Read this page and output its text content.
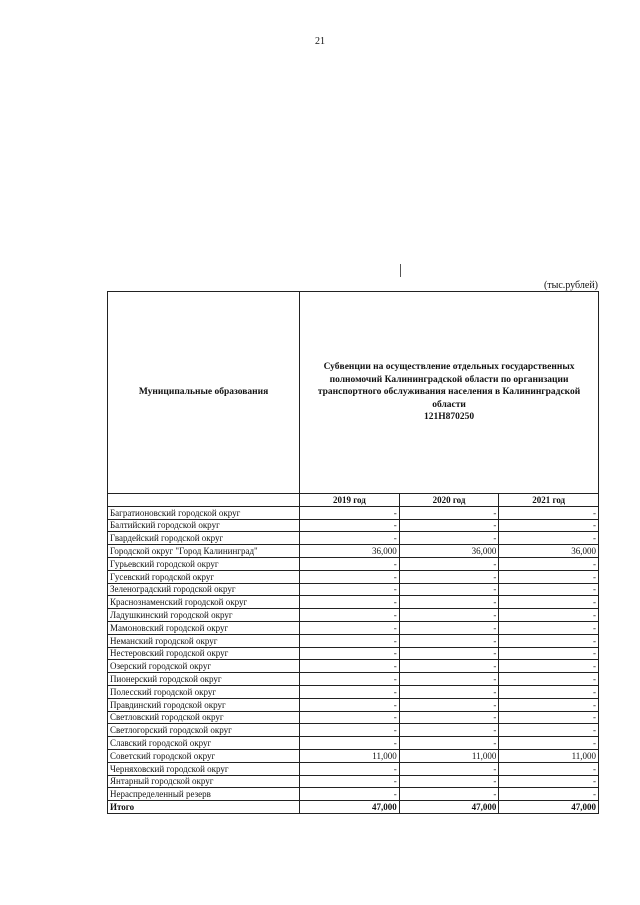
21
(тыс.рублей)
Муниципальные образования	Субвенции на осуществление отдельных государственных полномочий Калининградской области по организации транспортного обслуживания населения в Калининградской области
121Н870250		
	2019 год	2020 год	2021 год
Багратионовский городской округ	-	-	-
Балтийский городской округ	-	-	-
Гвардейский городской округ	-	-	-
Городской округ "Город Калининград"	36,000	36,000	36,000
Гурьевский городской округ	-	-	-
Гусевский городской округ	-	-	-
Зеленоградский городской округ	-	-	-
Краснознаменский городской округ	-	-	-
Ладушкинский городской округ	-	-	-
Мамоновский городской округ	-	-	-
Неманский городской округ	-	-	-
Нестеровский городской округ	-	-	-
Озерский городской округ	-	-	-
Пионерский городской округ	-	-	-
Полесский городской округ	-	-	-
Правдинский городской округ	-	-	-
Светловский городской округ	-	-	-
Светлогорский городской округ	-	-	-
Славский городской округ	-	-	-
Советский городской округ	11,000	11,000	11,000
Черняховский городской округ	-	-	-
Янтарный городской округ	-	-	-
Нераспределенный резерв	-	-	-
Итого	47,000	47,000	47,000
